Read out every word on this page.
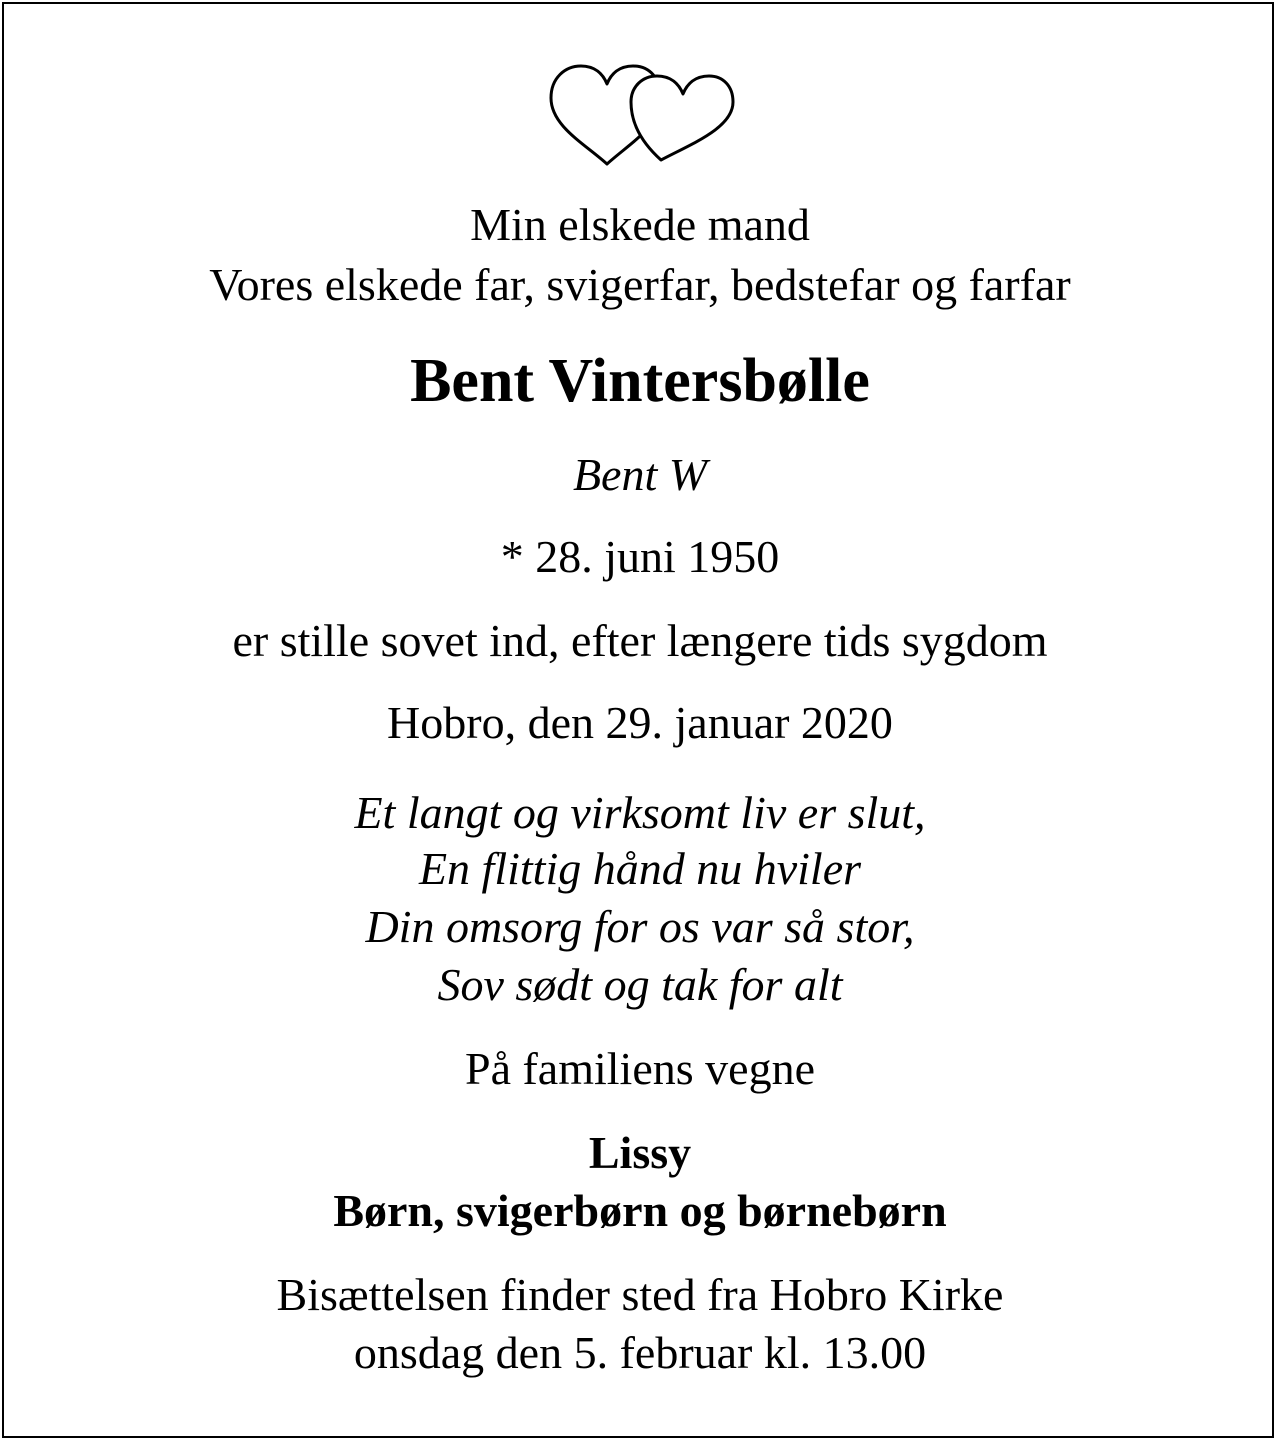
Min elskede mand
Vores elskede far, svigerfar, bedstefar og farfar
Bent Vintersbølle
Bent W
* 28. juni 1950
er stille sovet ind, efter længere tids sygdom
Hobro, den 29. januar 2020
Et langt og virksomt liv er slut,
En flittig hånd nu hviler
Din omsorg for os var så stor,
Sov sødt og tak for alt
På familiens vegne
Lissy
Børn, svigerbørn og børnebørn
Bisættelsen finder sted fra Hobro Kirke
onsdag den 5. februar kl. 13.00
